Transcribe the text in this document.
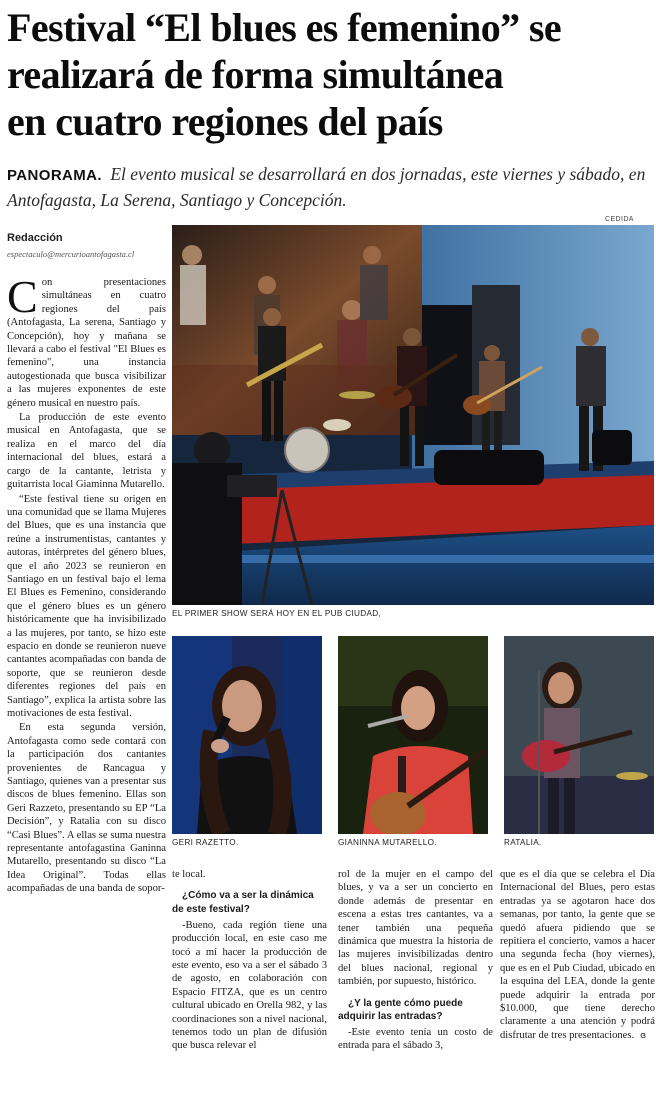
Festival “El blues es femenino” se
realizará de forma simultánea
en cuatro regiones del país

PANORAMA. El evento musical se desarrollará en dos jornadas, este viernes y sábado, en Antofagasta, La Serena, Santiago y Concepción.

CEDIDA
Redacción
espectaculo@mercurioantofagasta.cl

Con presentaciones simultáneas en cuatro regiones del país (Antofagasta, La serena, Santiago y Concepción), hoy y mañana se llevará a cabo el festival "El Blues es femenino", una instancia autogestionada que busca visibilizar a las mujeres exponentes de este género musical en nuestro país.

La producción de este evento musical en Antofagasta, que se realiza en el marco del día internacional del blues, estará a cargo de la cantante, letrista y guitarrista local Giaminna Mutarello.

“Este festival tiene su origen en una comunidad que se llama Mujeres del Blues, que es una instancia que reúne a instrumentistas, cantantes y autoras, intérpretes del género blues, que el año 2023 se reunieron en Santiago en un festival bajo el lema El Blues es Femenino, considerando que el género blues es un género históricamente que ha invisibilizado a las mujeres, por tanto, se hizo este espacio en donde se reunieron nueve cantantes acompañadas con banda de soporte, que se reunieron desde diferentes regiones del país en Santiago”, explica la artista sobre las motivaciones de esta festival.

En esta segunda versión, Antofagasta como sede contará con la participación dos cantantes provenientes de Rancagua y Santiago, quienes van a presentar sus discos de blues femenino. Ellas son Geri Razzeto, presentando su EP “La Decisión”, y Ratalia con su disco “Casi Blues”. A ellas se suma nuestra representante antofagastina Ganinna Mutarello, presentando su disco “La Idea Original”. Todas ellas acompañadas de una banda de sopor-

EL PRIMER SHOW SERÁ HOY EN EL PUB CIUDAD,
GERI RAZETTO.	GIANINNA MUTARELLO.	RATALIA.

te local.

¿Cómo va a ser la dinámica de este festival?

-Bueno, cada región tiene una producción local, en este caso me tocó a mí hacer la producción de este evento, eso va a ser el sábado 3 de agosto, en colaboración con Espacio FITZA, que es un centro cultural ubicado en Orella 982, y las coordinaciones son a nivel nacional, tenemos todo un plan de difusión que busca relevar el

rol de la mujer en el campo del blues, y va a ser un concierto en donde además de presentar en escena a estas tres cantantes, va a tener también una pequeña dinámica que muestra la historia de las mujeres invisibilizadas dentro del blues nacional, regional y también, por supuesto, histórico.

¿Y la gente cómo puede adquirir las entradas?

-Este evento tenía un costo de entrada para el sábado 3,

que es el día que se celebra el Día Internacional del Blues, pero estas entradas ya se agotaron hace dos semanas, por tanto, la gente que se quedó afuera pidiendo que se repitiera el concierto, vamos a hacer una segunda fecha (hoy viernes), que es en el Pub Ciudad, ubicado en la esquina del LEA, donde la gente puede adquirir la entrada por $10.000, que tiene derecho claramente a una atención y podrá disfrutar de tres presentaciones. ɞ
